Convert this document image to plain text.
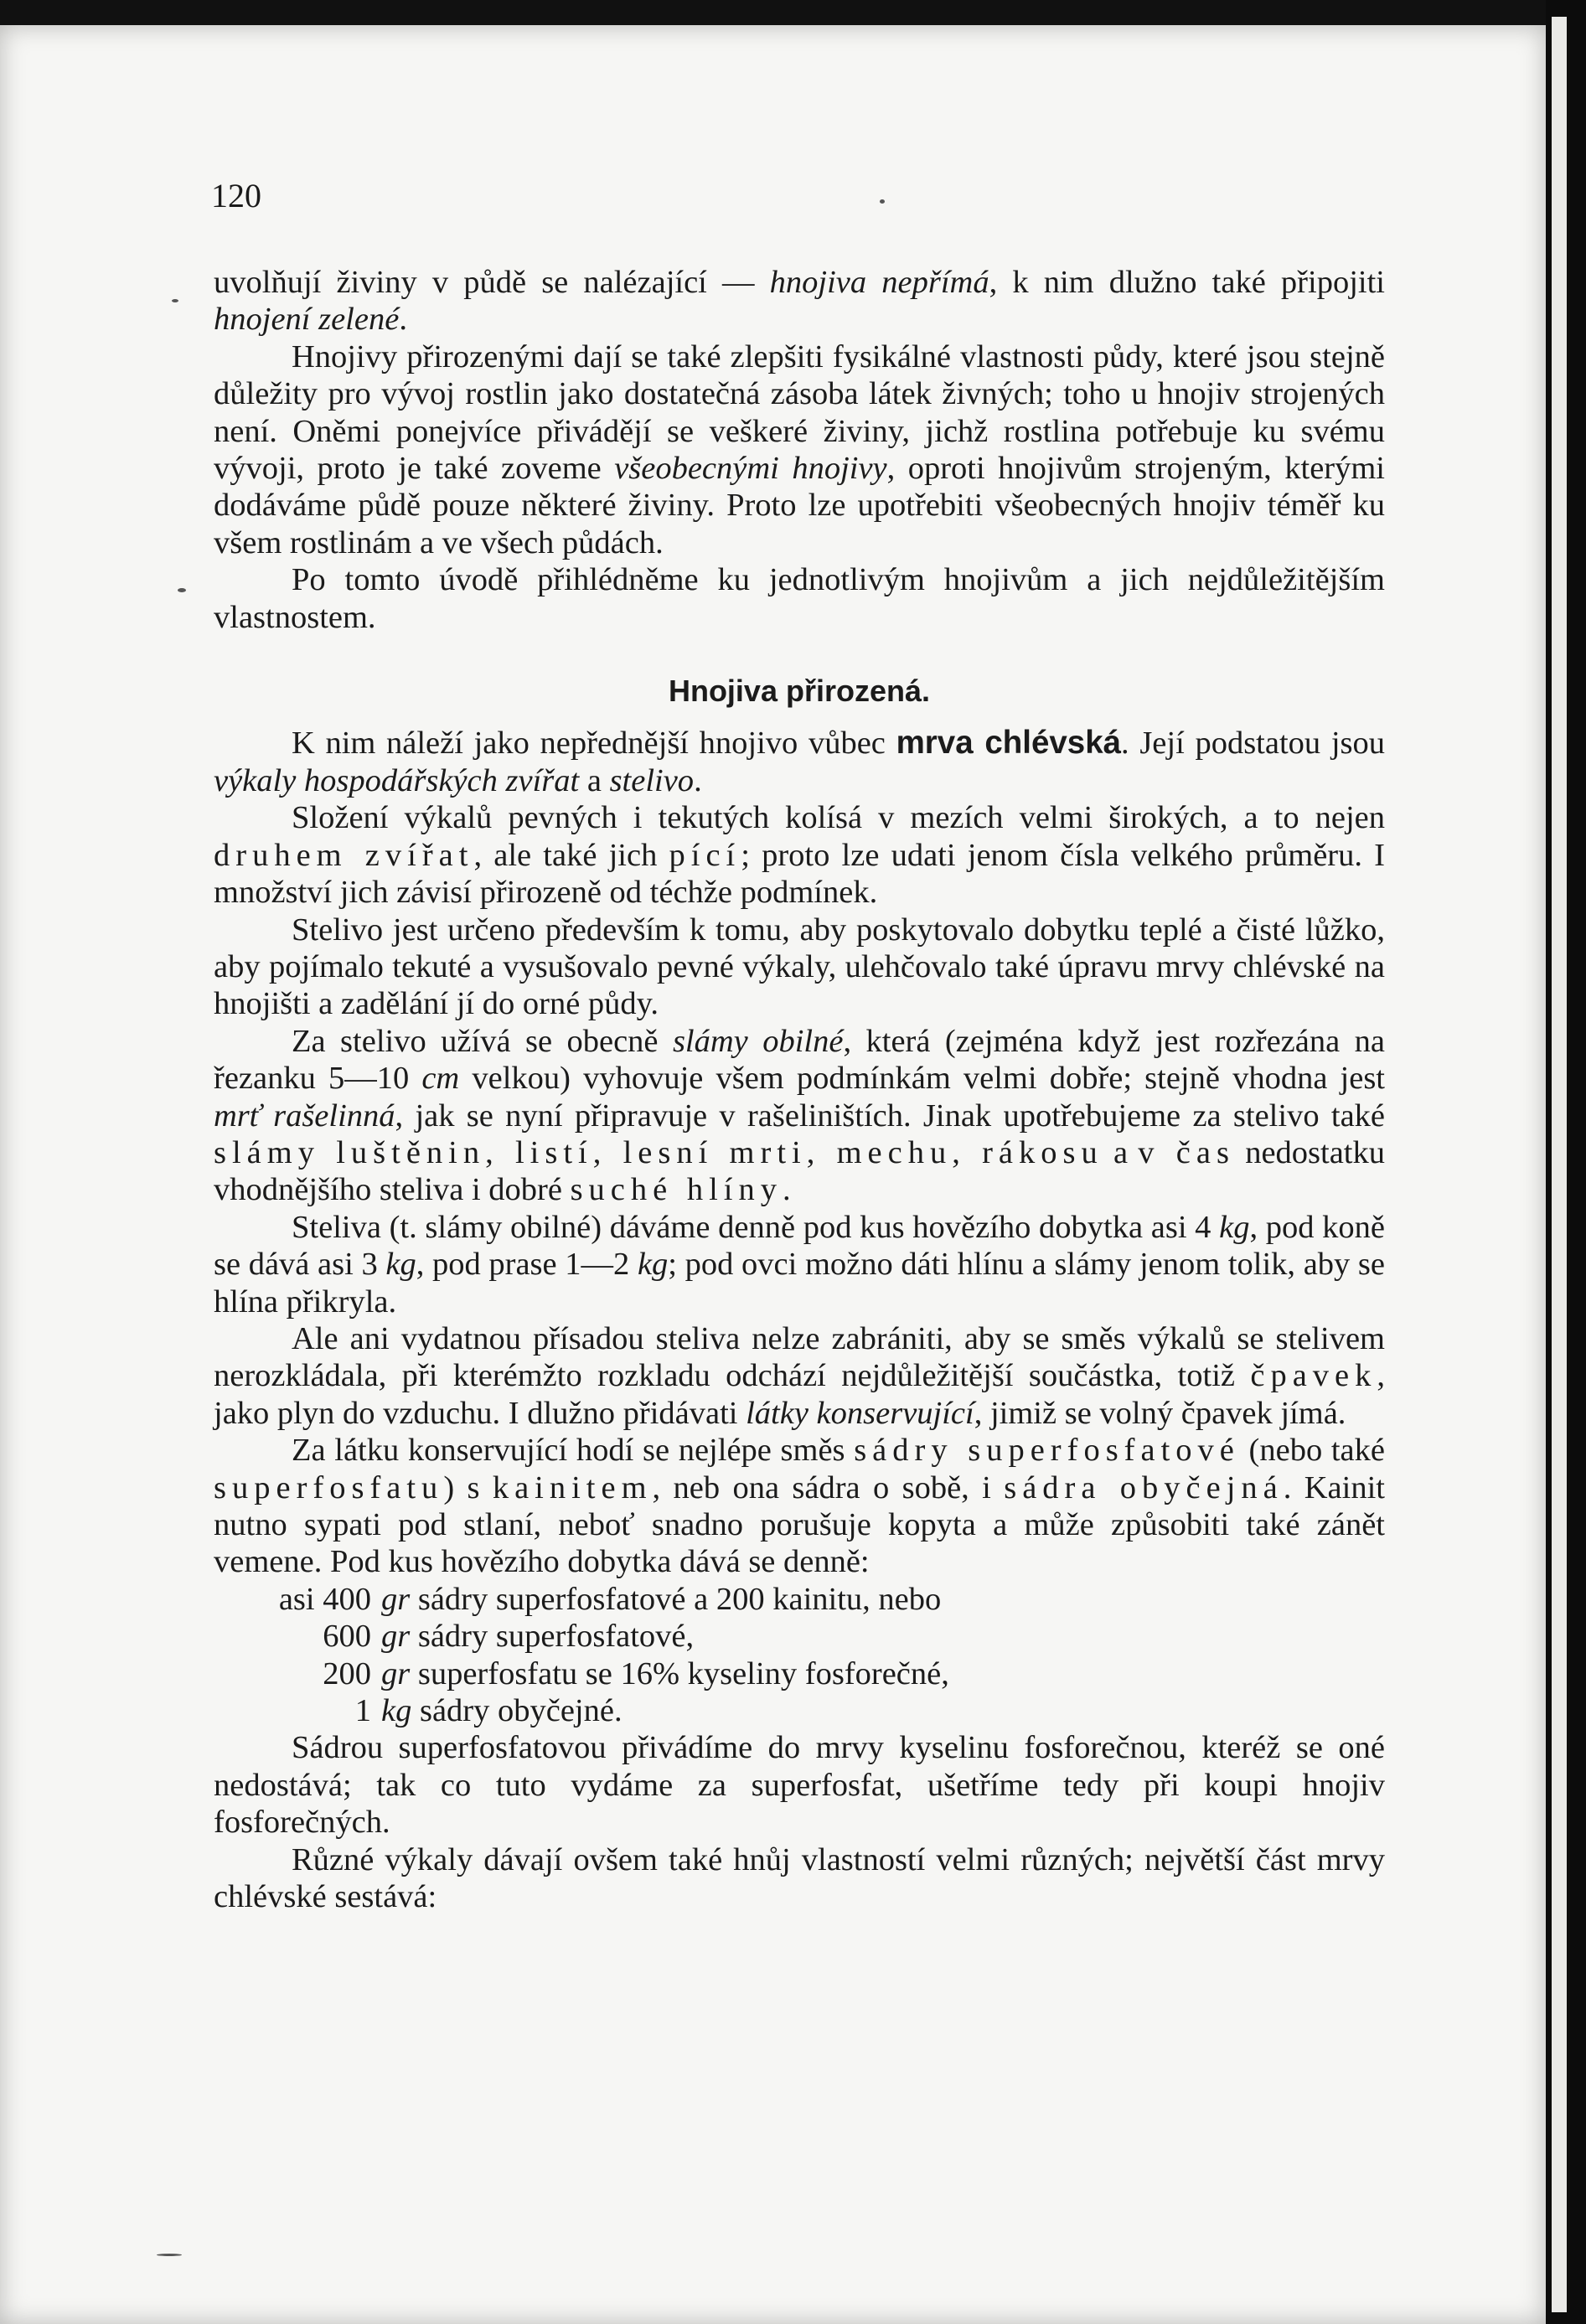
120

uvolňují živiny v půdě se nalézající — hnojiva nepřímá, k nim dlužno také připojiti hnojení zelené.

Hnojivy přirozenými dají se také zlepšiti fysikálné vlastnosti půdy, které jsou stejně důležity pro vývoj rostlin jako dostatečná zásoba látek živných; toho u hnojiv strojených není. Oněmi ponejvíce přivádějí se veškeré živiny, jichž rostlina potřebuje ku svému vývoji, proto je také zoveme všeobecnými hnojivy, oproti hnojivům strojeným, kterými dodáváme půdě pouze některé živiny. Proto lze upotřebiti všeobecných hnojiv téměř ku všem rostlinám a ve všech půdách.

Po tomto úvodě přihlédněme ku jednotlivým hnojivům a jich nejdůležitějším vlastnostem.

Hnojiva přirozená.

K nim náleží jako nepřednější hnojivo vůbec mrva chlévská. Její podstatou jsou výkaly hospodářských zvířat a stelivo.

Složení výkalů pevných i tekutých kolísá v mezích velmi širokých, a to nejen druhem zvířat, ale také jich pící; proto lze udati jenom čísla velkého průměru. I množství jich závisí přirozeně od téchže podmínek.

Stelivo jest určeno především k tomu, aby poskytovalo dobytku teplé a čisté lůžko, aby pojímalo tekuté a vysušovalo pevné výkaly, ulehčovalo také úpravu mrvy chlévské na hnojišti a zadělání jí do orné půdy.

Za stelivo užívá se obecně slámy obilné, která (zejména když jest rozřezána na řezanku 5—10 cm velkou) vyhovuje všem podmínkám velmi dobře; stejně vhodna jest mrť rašelinná, jak se nyní připravuje v rašeliništích. Jinak upotřebujeme za stelivo také slámy luštěnin, listí, lesní mrti, mechu, rákosu a v čas nedostatku vhodnějšího steliva i dobré suché hlíny.

Steliva (t. slámy obilné) dáváme denně pod kus hovězího dobytka asi 4 kg, pod koně se dává asi 3 kg, pod prase 1—2 kg; pod ovci možno dáti hlínu a slámy jenom tolik, aby se hlína přikryla.

Ale ani vydatnou přísadou steliva nelze zabrániti, aby se směs výkalů se stelivem nerozkládala, při kterémžto rozkladu odchází nejdůležitější součástka, totiž čpavek, jako plyn do vzduchu. I dlužno přidávati látky konservující, jimiž se volný čpavek jímá.

Za látku konservující hodí se nejlépe směs sádry superfosfatové (nebo také superfosfatu) s kainitem, neb ona sádra o sobě, i sádra obyčejná. Kainit nutno sypati pod stlaní, neboť snadno porušuje kopyta a může způsobiti také zánět vemene. Pod kus hovězího dobytka dává se denně:

asi 400 gr sádry superfosfatové a 200 kainitu, nebo
600 gr sádry superfosfatové,
200 gr superfosfatu se 16% kyseliny fosforečné,
1 kg sádry obyčejné.

Sádrou superfosfatovou přivádíme do mrvy kyselinu fosforečnou, kteréž se oné nedostává; tak co tuto vydáme za superfosfat, ušetříme tedy při koupi hnojiv fosforečných.

Různé výkaly dávají ovšem také hnůj vlastností velmi různých; největší část mrvy chlévské sestává:
